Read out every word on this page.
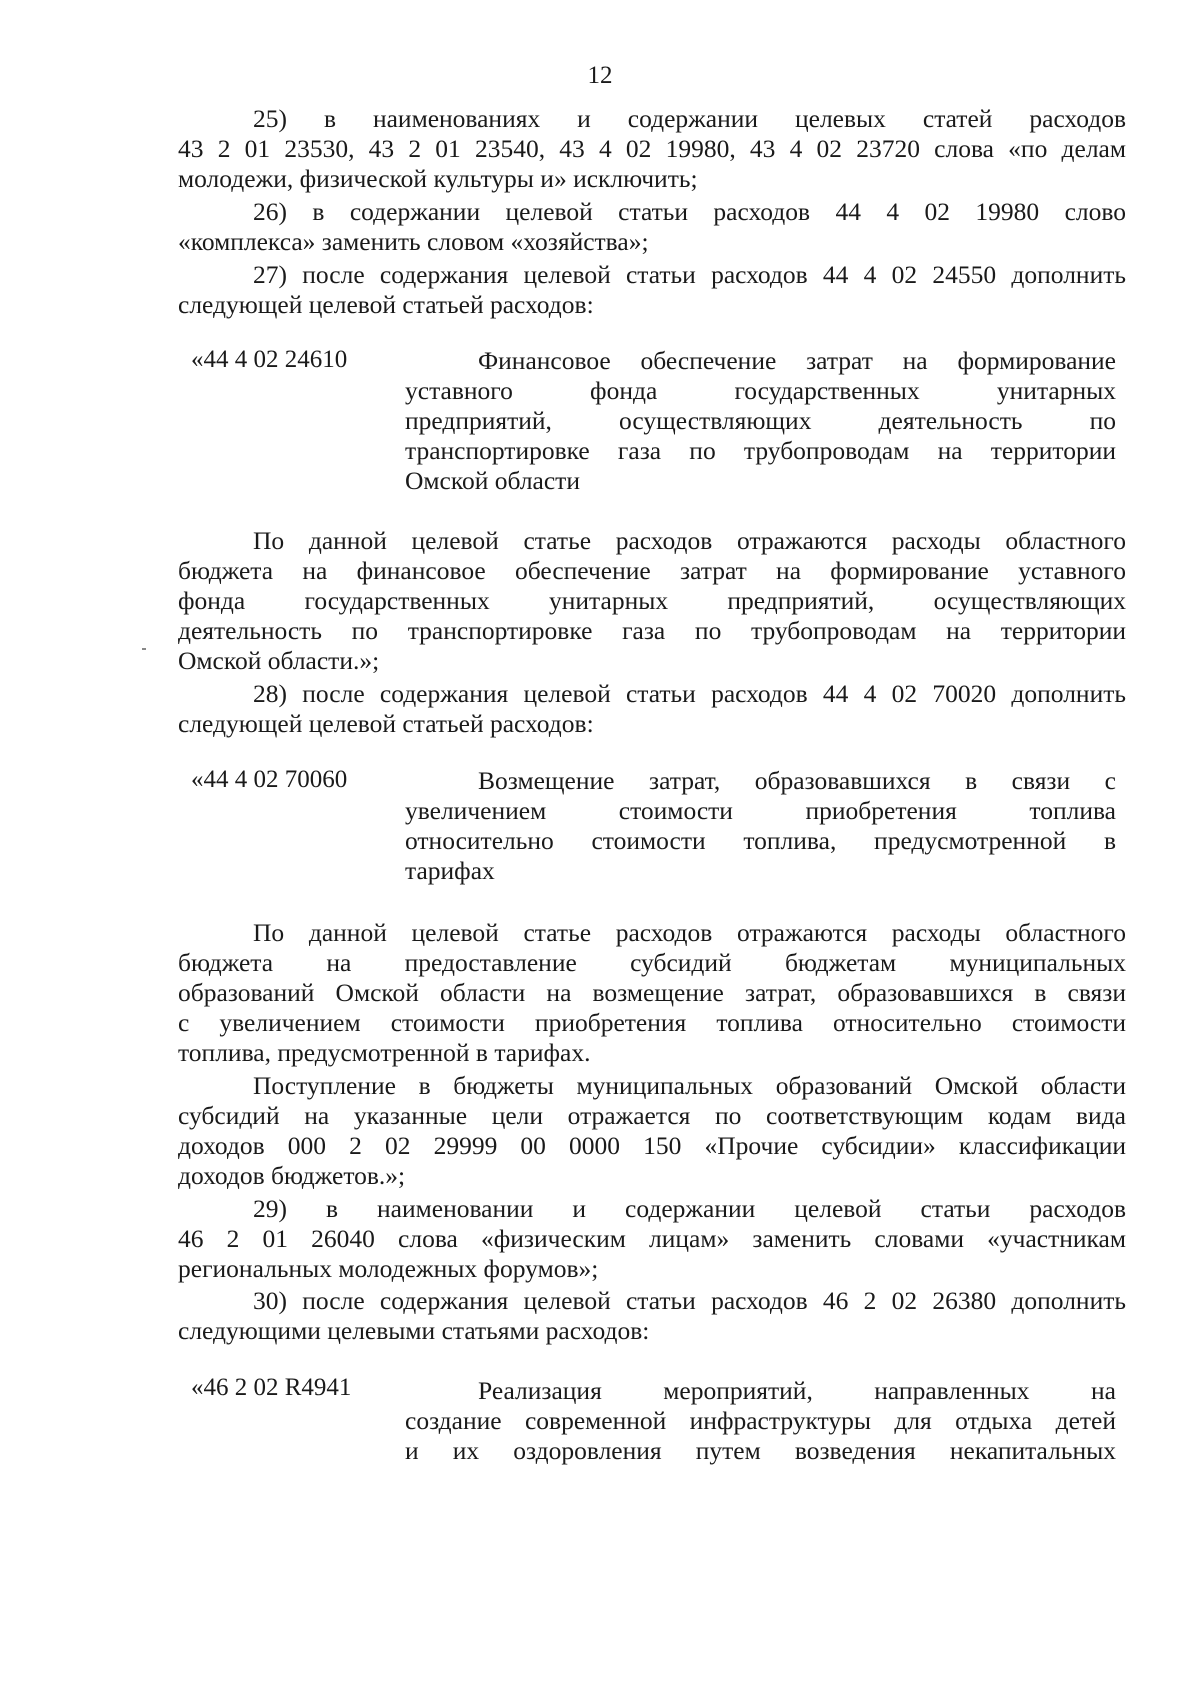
12
25) в наименованиях и содержании целевых статей расходов
43 2 01 23530, 43 2 01 23540, 43 4 02 19980, 43 4 02 23720 слова «по делам
молодежи, физической культуры и» исключить;
26) в содержании целевой статьи расходов 44 4 02 19980 слово
«комплекса» заменить словом «хозяйства»;
27) после содержания целевой статьи расходов 44 4 02 24550 дополнить
следующей целевой статьей расходов:
«44 4 02 24610	Финансовое обеспечение затрат на формирование
уставного фонда государственных унитарных
предприятий, осуществляющих деятельность по
транспортировке газа по трубопроводам на территории
Омской области
По данной целевой статье расходов отражаются расходы областного
бюджета на финансовое обеспечение затрат на формирование уставного
фонда государственных унитарных предприятий, осуществляющих
деятельность по транспортировке газа по трубопроводам на территории
Омской области.»;
28) после содержания целевой статьи расходов 44 4 02 70020 дополнить
следующей целевой статьей расходов:
«44 4 02 70060	Возмещение затрат, образовавшихся в связи с
увеличением стоимости приобретения топлива
относительно стоимости топлива, предусмотренной в
тарифах
По данной целевой статье расходов отражаются расходы областного
бюджета на предоставление субсидий бюджетам муниципальных
образований Омской области на возмещение затрат, образовавшихся в связи
с увеличением стоимости приобретения топлива относительно стоимости
топлива, предусмотренной в тарифах.
Поступление в бюджеты муниципальных образований Омской области
субсидий на указанные цели отражается по соответствующим кодам вида
доходов 000 2 02 29999 00 0000 150 «Прочие субсидии» классификации
доходов бюджетов.»;
29) в наименовании и содержании целевой статьи расходов
46 2 01 26040 слова «физическим лицам» заменить словами «участникам
региональных молодежных форумов»;
30) после содержания целевой статьи расходов 46 2 02 26380 дополнить
следующими целевыми статьями расходов:
«46 2 02 R4941	Реализация мероприятий, направленных на
создание современной инфраструктуры для отдыха детей
и их оздоровления путем возведения некапитальных
